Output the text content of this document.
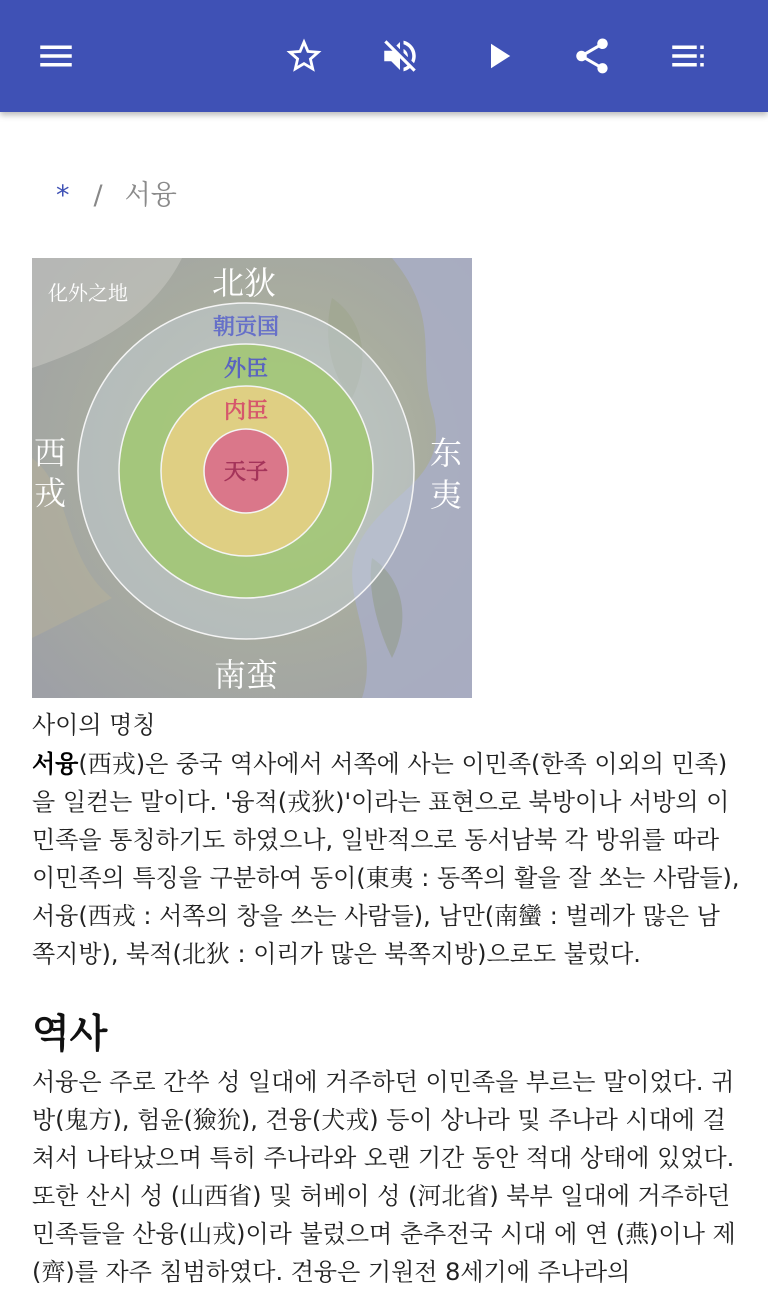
* / 서융
化外之地	北狄
西
戎
东
夷
南蛮
朝贡国
外臣
内臣
天子
사이의 명칭

서융(西戎)은 중국 역사에서 서쪽에 사는 이민족(한족 이외의 민족)을 일컫는 말이다. '융적(戎狄)'이라는 표현으로 북방이나 서방의 이민족을 통칭하기도 하였으나, 일반적으로 동서남북 각 방위를 따라 이민족의 특징을 구분하여 동이(東夷 : 동쪽의 활을 잘 쏘는 사람들), 서융(西戎 : 서쪽의 창을 쓰는 사람들), 남만(南蠻 : 벌레가 많은 남쪽지방), 북적(北狄 : 이리가 많은 북쪽지방)으로도 불렀다.

역사

서융은 주로 간쑤 성 일대에 거주하던 이민족을 부르는 말이었다. 귀방(鬼方), 험윤(獫狁), 견융(犬戎) 등이 상나라 및 주나라 시대에 걸쳐서 나타났으며 특히 주나라와 오랜 기간 동안 적대 상태에 있었다. 또한 산시 성 (山西省) 및 허베이 성 (河北省) 북부 일대에 거주하던 민족들을 산융(山戎)이라 불렀으며 춘추전국 시대 에 연 (燕)이나 제 (齊)를 자주 침범하였다. 견융은 기원전 8세기에 주나라의
